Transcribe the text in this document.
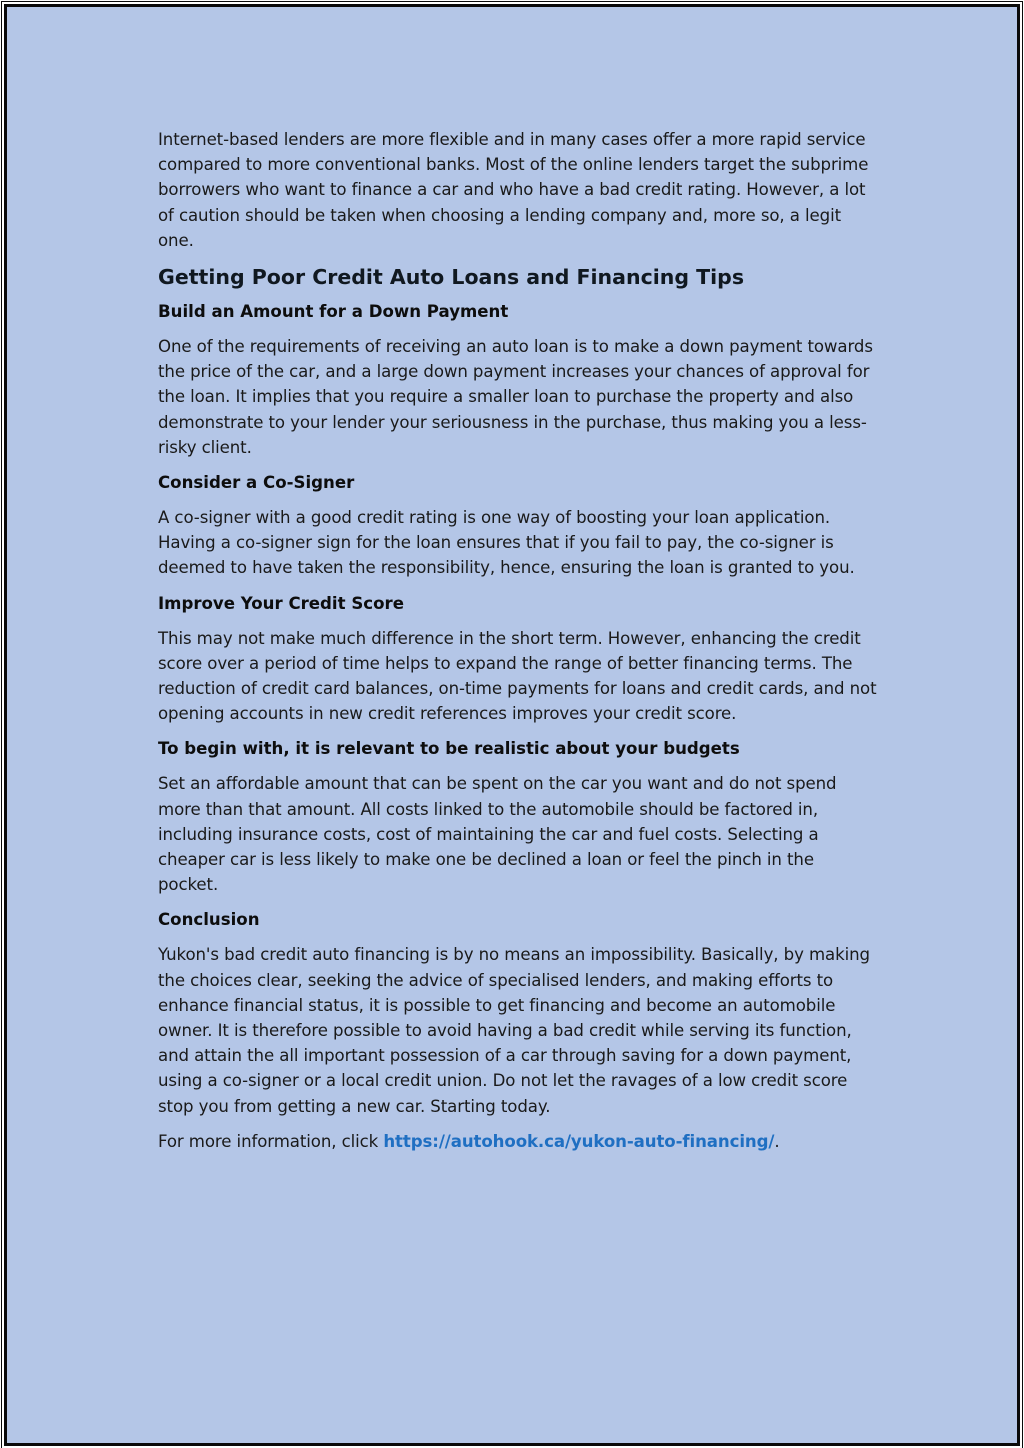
Internet-based lenders are more flexible and in many cases offer a more rapid service compared to more conventional banks. Most of the online lenders target the subprime borrowers who want to finance a car and who have a bad credit rating. However, a lot of caution should be taken when choosing a lending company and, more so, a legit one.

Getting Poor Credit Auto Loans and Financing Tips
Build an Amount for a Down Payment

One of the requirements of receiving an auto loan is to make a down payment towards the price of the car, and a large down payment increases your chances of approval for the loan. It implies that you require a smaller loan to purchase the property and also demonstrate to your lender your seriousness in the purchase, thus making you a less-risky client.

Consider a Co-Signer

A co-signer with a good credit rating is one way of boosting your loan application. Having a co-signer sign for the loan ensures that if you fail to pay, the co-signer is deemed to have taken the responsibility, hence, ensuring the loan is granted to you.

Improve Your Credit Score

This may not make much difference in the short term. However, enhancing the credit score over a period of time helps to expand the range of better financing terms. The reduction of credit card balances, on-time payments for loans and credit cards, and not opening accounts in new credit references improves your credit score.

To begin with, it is relevant to be realistic about your budgets

Set an affordable amount that can be spent on the car you want and do not spend more than that amount. All costs linked to the automobile should be factored in, including insurance costs, cost of maintaining the car and fuel costs. Selecting a cheaper car is less likely to make one be declined a loan or feel the pinch in the pocket.

Conclusion

Yukon's bad credit auto financing is by no means an impossibility. Basically, by making the choices clear, seeking the advice of specialised lenders, and making efforts to enhance financial status, it is possible to get financing and become an automobile owner. It is therefore possible to avoid having a bad credit while serving its function, and attain the all important possession of a car through saving for a down payment, using a co-signer or a local credit union. Do not let the ravages of a low credit score stop you from getting a new car. Starting today.

For more information, click https://autohook.ca/yukon-auto-financing/.
